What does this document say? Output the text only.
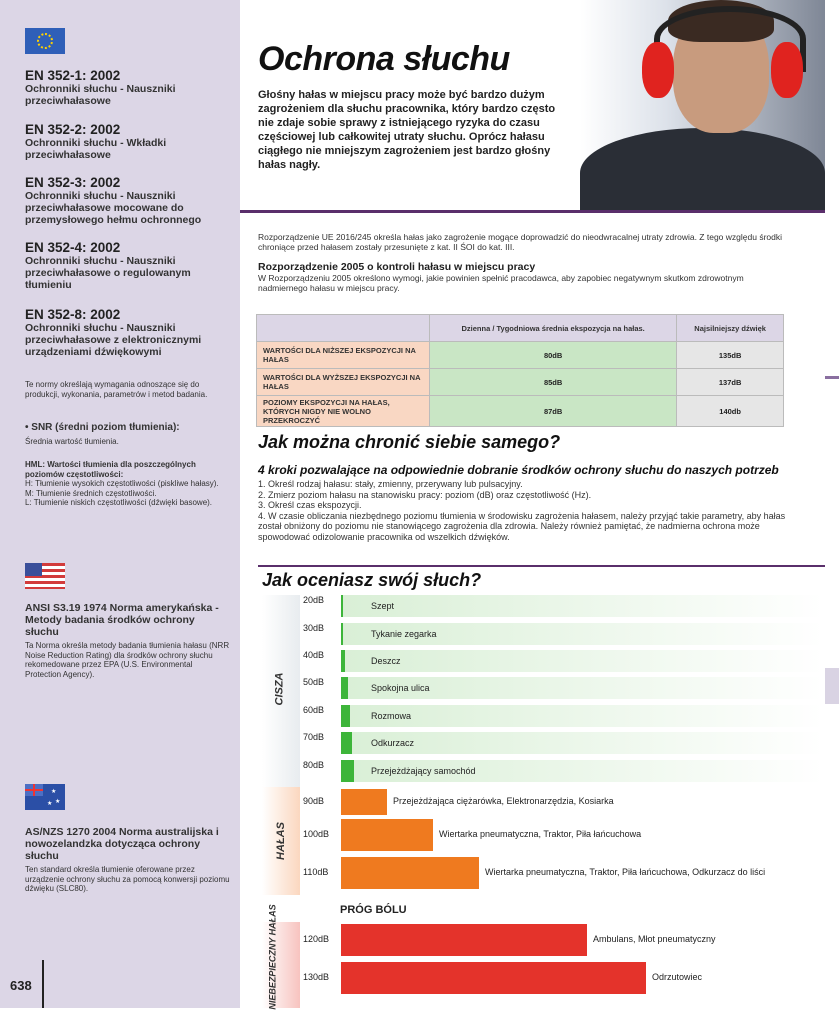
EN 352-1: 2002
Ochronniki słuchu - Nauszniki przeciwhałasowe
EN 352-2: 2002
Ochronniki słuchu - Wkładki przeciwhałasowe
EN 352-3: 2002
Ochronniki słuchu - Nauszniki przeciwhałasowe mocowane do przemysłowego hełmu ochronnego
EN 352-4: 2002
Ochronniki słuchu - Nauszniki przeciwhałasowe o regulowanym tłumieniu
EN 352-8: 2002
Ochronniki słuchu - Nauszniki przeciwhałasowe z elektronicznymi urządzeniami dźwiękowymi
Te normy określają wymagania odnoszące się do produkcji, wykonania, parametrów i metod badania.
• SNR (średni poziom tłumienia):
Średnia wartość tłumienia.
HML: Wartości tłumienia dla poszczególnych poziomów częstotliwości:
H: Tłumienie wysokich częstotliwości (piskliwe hałasy).
M: Tłumienie średnich częstotliwości.
L: Tłumienie niskich częstotliwości (dźwięki basowe).
ANSI S3.19 1974 Norma amerykańska - Metody badania środków ochrony słuchu
Ta Norma określa metody badania tłumienia hałasu (NRR Noise Reduction Rating) dla środków ochrony słuchu rekomedowane przez EPA (U.S. Environmental Protection Agency).
★
★
★
AS/NZS 1270 2004 Norma australijska i nowozelandzka dotycząca ochrony słuchu
Ten standard określa tłumienie oferowane przez urządzenie ochrony słuchu za pomocą konwersji poziomu dźwięku (SLC80).
638
Ochrona słuchu
Głośny hałas w miejscu pracy może być bardzo dużym zagrożeniem dla słuchu pracownika, który bardzo często nie zdaje sobie sprawy z istniejącego ryzyka do czasu częściowej lub całkowitej utraty słuchu. Oprócz hałasu ciągłego nie mniejszym zagrożeniem jest bardzo głośny hałas nagły.
Rozporządzenie UE 2016/245 określa hałas jako zagrożenie mogące doprowadzić do nieodwracalnej utraty zdrowia. Z tego względu środki chroniące przed hałasem zostały przesunięte z kat. II ŚOI do kat. III.
Rozporządzenie 2005 o kontroli hałasu w miejscu pracy
W Rozporządzeniu 2005 określono wymogi, jakie powinien spełnić pracodawca, aby zapobiec negatywnym skutkom zdrowotnym nadmiernego hałasu w miejscu pracy.
	Dzienna / Tygodniowa średnia ekspozycja na hałas.	Najsilniejszy dźwięk
WARTOŚCI DLA NIŻSZEJ EKSPOZYCJI NA HAŁAS	80dB	135dB
WARTOŚCI DLA WYŻSZEJ EKSPOZYCJI NA HAŁAS	85dB	137dB
POZIOMY EKSPOZYCJI NA HAŁAS, KTÓRYCH NIGDY NIE WOLNO PRZEKROCZYĆ	87dB	140db
Jak można chronić siebie samego?
4 kroki pozwalające na odpowiednie dobranie środków ochrony słuchu do naszych potrzeb
1. Określ rodzaj hałasu: stały, zmienny, przerywany lub pulsacyjny.
2. Zmierz poziom hałasu na stanowisku pracy: poziom (dB) oraz częstotliwość (Hz).
3. Określ czas ekspozycji.
4. W czasie obliczania niezbędnego poziomu tłumienia w środowisku zagrożenia hałasem, należy przyjąć takie parametry, aby hałas został obniżony do poziomu nie stanowiącego zagrożenia dla zdrowia. Należy również pamiętać, że nadmierna ochrona może spowodować odizolowanie pracownika od wszelkich dźwięków.
Jak oceniasz swój słuch?
CISZA
HAŁAS
NIEBEZPIECZNY HAŁAS	PRÓG BÓLU
20dB
Szept
30dB
Tykanie zegarka
40dB
Deszcz
50dB
Spokojna ulica
60dB
Rozmowa
70dB
Odkurzacz
80dB
Przejeżdżający samochód
90dB	Przejeżdżająca ciężarówka, Elektronarzędzia, Kosiarka
100dB	Wiertarka pneumatyczna, Traktor, Piła łańcuchowa
110dB	Wiertarka pneumatyczna, Traktor, Piła łańcuchowa, Odkurzacz do liści
120dB	Ambulans, Młot pneumatyczny
130dB	Odrzutowiec
